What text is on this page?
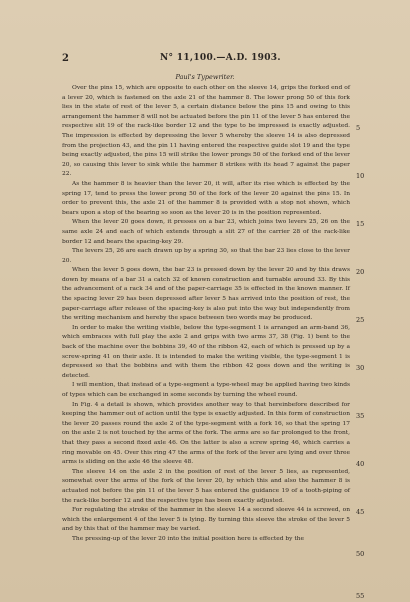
2	N° 11,100.—A.D. 1903.
Paul's Typewriter.

Over the pins 15, which are opposite to each other on the sleeve 14, grips the forked end of a lever 20, which is fastened on the axle 21 of the hammer 8. The lower prong 50 of this fork lies in the state of rest of the lever 5, a certain distance below the pins 15 and owing to this arrangement the hammer 8 will not be actuated before the pin 11 of the lever 5 has entered the respective slit 19 of the rack-like border 12 and the type to be impressed is exactly adjusted. The impression is effected by depressing the lever 5 whereby the sleeve 14 is also depressed from the projection 43, and the pin 11 having entered the respective guide slot 19 and the type being exactly adjusted, the pins 15 will strike the lower prongs 50 of the forked end of the lever 20, so causing this lever to sink while the hammer 8 strikes with its head 7 against the paper 22.

As the hammer 8 is heavier than the lever 20, it will, after its rise which is effected by the spring 17, tend to press the lower prong 50 of the fork of the lever 20 against the pins 15. In order to prevent this, the axle 21 of the hammer 8 is provided with a stop not shown, which bears upon a stop of the bearing so soon as the lever 20 is in the position represented.

When the lever 20 goes down, it presses on a bar 23, which joins two levers 25, 26 on the same axle 24 and each of which extends through a slit 27 of the carrier 28 of the rack-like border 12 and bears the spacing-key 29.

The levers 25, 26 are each drawn up by a spring 30, so that the bar 23 lies close to the lever 20.

When the lever 5 goes down, the bar 23 is pressed down by the lever 20 and by this draws down by means of a bar 31 a catch 32 of known construction and turnable around 33. By this the advancement of a rack 34 and of the paper-carriage 35 is effected in the known manner. If the spacing lever 29 has been depressed after lever 5 has arrived into the position of rest, the paper-carriage after release of the spacing-key is also put into the way but independently from the writing mechanism and hereby the space between two words may be produced.

In order to make the writing visible, below the type-segment 1 is arranged an arm-band 36, which embraces with full play the axle 2 and grips with two arms 37, 38 (Fig. 1) bent to the back of the machine over the bobbins 39, 40 of the ribbon 42, each of which is pressed up by a screw-spring 41 on their axle. It is intended to make the writing visible, the type-segment 1 is depressed so that the bobbins and with them the ribbon 42 goes down and the writing is detected.

I will mention, that instead of a type-segment a type-wheel may be applied having two kinds of types which can be exchanged in some seconds by turning the wheel round.

In Fig. 4 a detail is shown, which provides another way to that hereinbefore described for keeping the hammer out of action until the type is exactly adjusted. In this form of construction the lever 20 passes round the axle 2 of the type-segment with a fork 16, so that the spring 17 on the axle 2 is not touched by the arms of the fork. The arms are so far prolonged to the front, that they pass a second fixed axle 46. On the latter is also a screw spring 46, which carries a ring movable on 45. Over this ring 47 the arms of the fork of the lever are lying and over three arms is sliding on the axle 46 the sleeve 48.

The sleeve 14 on the axle 2 in the position of rest of the lever 5 lies, as represented, somewhat over the arms of the fork of the lever 20, by which this and also the hammer 8 is actuated not before the pin 11 of the lever 5 has entered the guidance 19 of a tooth-piping of the rack-like border 12 and the respective type has been exactly adjusted.

For regulating the stroke of the hammer in the sleeve 14 a second sleeve 44 is screwed, on which the enlargement 4 of the lever 5 is lying. By turning this sleeve the stroke of the lever 5 and by this that of the hammer may be varied.

The pressing-up of the lever 20 into the initial position here is effected by the

5
10
15
20
25
30
35
40
45
50
55
